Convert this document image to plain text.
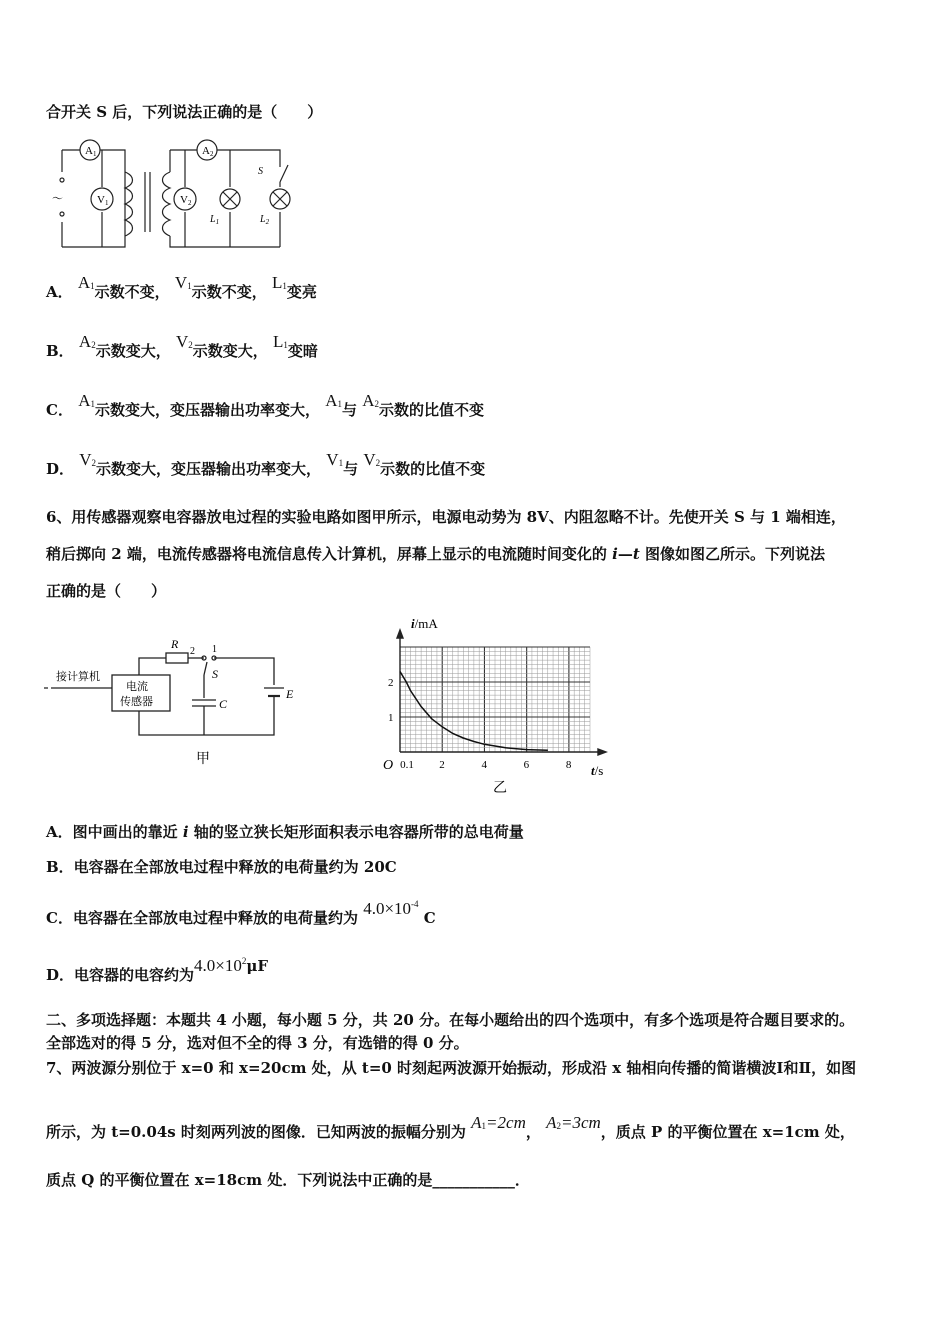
合开关 S 后，下列说法正确的是（　　）
A1	A2
V1	V2
～
$L_1$	$L_2$
S
A． A1示数不变， V1示数不变， L1变亮
B． A2示数变大， V2示数变大， L1变暗
C． A1示数变大，变压器输出功率变大， A1与 A2示数的比值不变
D． V2示数变大，变压器输出功率变大， V1与 V2示数的比值不变
6、用传感器观察电容器放电过程的实验电路如图甲所示，电源电动势为 8V、内阻忽略不计。先使开关 S 与 1 端相连，
稍后掷向 2 端，电流传感器将电流信息传入计算机，屏幕上显示的电流随时间变化的 i—t 图像如图乙所示。下列说法
正确的是（　　）
接计算机
电流
传感器
R
2 1
S
C
E
甲	0.1 2	4	6	8
1
2
i/mA
t/s
O
乙
A．图中画出的靠近 i 轴的竖立狭长矩形面积表示电容器所带的总电荷量
B．电容器在全部放电过程中释放的电荷量约为 20C
C．电容器在全部放电过程中释放的电荷量约为 $4.0\times 10^{-4}$ C
D．电容器的电容约为$4.0\times 10^2\mu F$
二、多项选择题：本题共 4 小题，每小题 5 分，共 20 分。在每小题给出的四个选项中，有多个选项是符合题目要求的。
全部选对的得 5 分，选对但不全的得 3 分，有选错的得 0 分。
7、两波源分别位于 x=0 和 x=20cm 处，从 t=0 时刻起两波源开始振动，形成沿 x 轴相向传播的简谐横波Ⅰ和Ⅱ，如图
所示，为 t=0.04s 时刻两列波的图像．已知两波的振幅分别为 A1=2cm， A2=3cm，质点 P 的平衡位置在 x=1cm 处，
质点 Q 的平衡位置在 x=18cm 处．下列说法中正确的是___________．
